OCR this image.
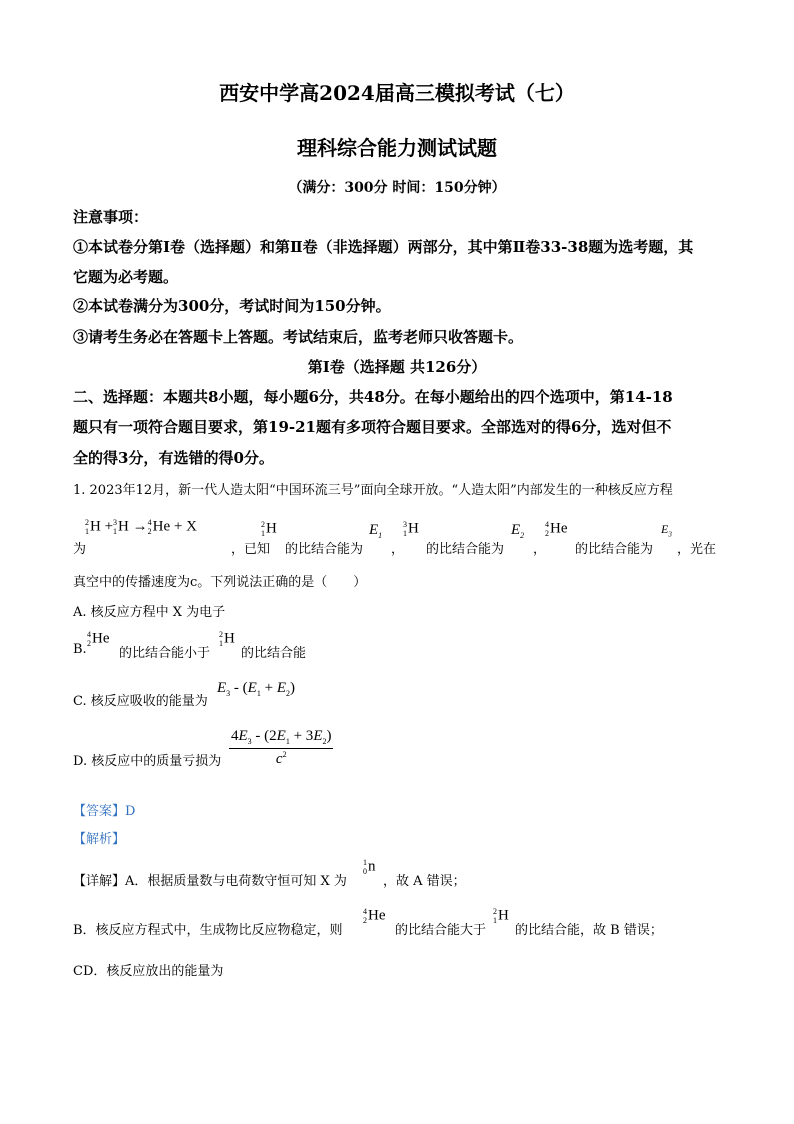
西安中学高2024届高三模拟考试（七）
理科综合能力测试试题
（满分：300分 时间：150分钟）
注意事项：
①本试卷分第Ⅰ卷（选择题）和第Ⅱ卷（非选择题）两部分，其中第Ⅱ卷33-38题为选考题，其
它题为必考题。
②本试卷满分为300分，考试时间为150分钟。
③请考生务必在答题卡上答题。考试结束后，监考老师只收答题卡。
第Ⅰ卷（选择题 共126分）
二、选择题：本题共8小题，每小题6分，共48分。在每小题给出的四个选项中，第14-18
题只有一项符合题目要求，第19-21题有多项符合题目要求。全部选对的得6分，选对但不
全的得3分，有选错的得0分。
1. 2023年12月，新一代人造太阳“中国环流三号”面向全球开放。“人造太阳”内部发生的一种核反应方程
为
2
1 H + 3
1 H → 4
2 He + X
，已知
2
1 H
的比结合能为
$E_1$
，
3
1 H
的比结合能为
$E_2$
，
4
2 He
的比结合能为
$E_3$
，光在
真空中的传播速度为c。下列说法正确的是（　　）
A. 核反应方程中 X 为电子
B.
4
2 He
的比结合能小于
2
1 H
的比结合能
C. 核反应吸收的能量为
$E_3 - (E_1 + E_2)$
D. 核反应中的质量亏损为 $\frac{4E_3 - (2E_1 + 3E_2)}{c^2}$
【答案】D
【解析】
【详解】A．根据质量数与电荷数守恒可知 X 为
1
0 n
，故 A 错误；
B．核反应方程式中，生成物比反应物稳定，则
4
2 He
的比结合能大于
2
1 H
的比结合能，故 B 错误；
CD．核反应放出的能量为
